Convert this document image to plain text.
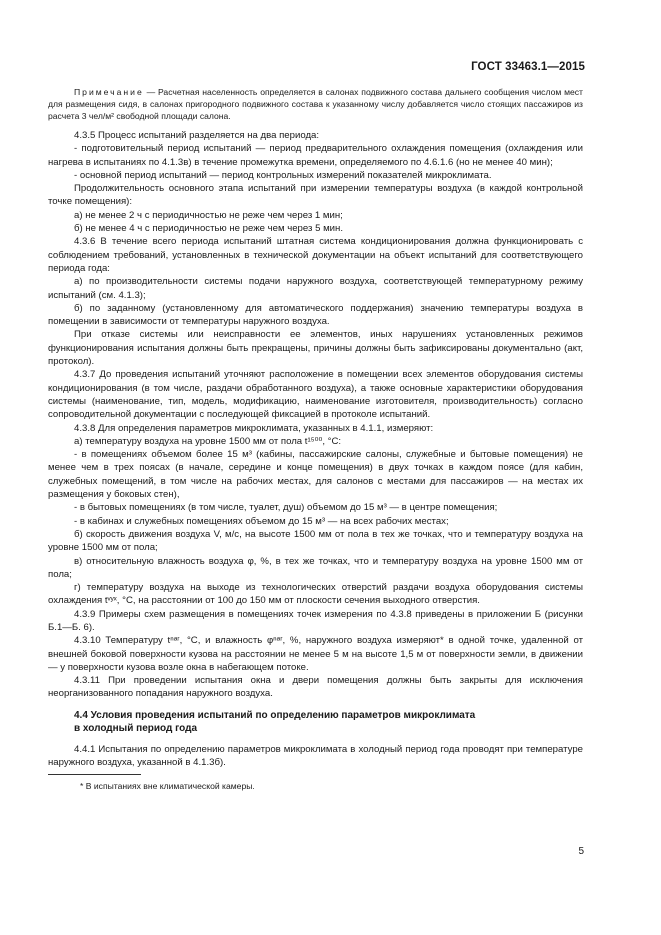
ГОСТ 33463.1—2015

Примечание — Расчетная населенность определяется в салонах подвижного состава дальнего сообщения числом мест для размещения сидя, в салонах пригородного подвижного состава к указанному числу добавляется число стоящих пассажиров из расчета 3 чел/м² свободной площади салона.

4.3.5 Процесс испытаний разделяется на два периода:

- подготовительный период испытаний — период предварительного охлаждения помещения (охлаждения или нагрева в испытаниях по 4.1.3в) в течение промежутка времени, определяемого по 4.6.1.6 (но не менее 40 мин);

- основной период испытаний — период контрольных измерений показателей микроклимата.

Продолжительность основного этапа испытаний при измерении температуры воздуха (в каждой контрольной точке помещения):

а) не менее 2 ч с периодичностью не реже чем через 1 мин;

б) не менее 4 ч с периодичностью не реже чем через 5 мин.

4.3.6 В течение всего периода испытаний штатная система кондиционирования должна функционировать с соблюдением требований, установленных в технической документации на объект испытаний для соответствующего периода года:

а) по производительности системы подачи наружного воздуха, соответствующей температурному режиму испытаний (см. 4.1.3);

б) по заданному (установленному для автоматического поддержания) значению температуры воздуха в помещении в зависимости от температуры наружного воздуха.

При отказе системы или неисправности ее элементов, иных нарушениях установленных режимов функционирования испытания должны быть прекращены, причины должны быть зафиксированы документально (акт, протокол).

4.3.7 До проведения испытаний уточняют расположение в помещении всех элементов оборудования системы кондиционирования (в том числе, раздачи обработанного воздуха), а также основные характеристики оборудования системы (наименование, тип, модель, модификацию, наименование изготовителя, производительность) согласно сопроводительной документации с последующей фиксацией в протоколе испытаний.

4.3.8 Для определения параметров микроклимата, указанных в 4.1.1, измеряют:

а) температуру воздуха на уровне 1500 мм от пола t¹⁵⁰⁰, °С:

- в помещениях объемом более 15 м³ (кабины, пассажирские салоны, служебные и бытовые помещения) не менее чем в трех поясах (в начале, середине и конце помещения) в двух точках в каждом поясе (для кабин, служебных помещений, в том числе на рабочих местах, для салонов с местами для пассажиров — на местах их размещения у боковых стен),

- в бытовых помещениях (в том числе, туалет, душ) объемом до 15 м³ — в центре помещения;

- в кабинах и служебных помещениях объемом до 15 м³ — на всех рабочих местах;

б) скорость движения воздуха V, м/с, на высоте 1500 мм от пола в тех же точках, что и температуру воздуха на уровне 1500 мм от пола;

в) относительную влажность воздуха φ, %, в тех же точках, что и температуру воздуха на уровне 1500 мм от пола;

г) температуру воздуха на выходе из технологических отверстий раздачи воздуха оборудования системы охлаждения tᵛʸˣ, °С, на расстоянии от 100 до 150 мм от плоскости сечения выходного отверстия.

4.3.9 Примеры схем размещения в помещениях точек измерения по 4.3.8 приведены в приложении Б (рисунки Б.1—Б. 6).

4.3.10 Температуру tⁿᵃʳ, °С, и влажность φⁿᵃʳ, %, наружного воздуха измеряют* в одной точке, удаленной от внешней боковой поверхности кузова на расстоянии не менее 5 м на высоте 1,5 м от поверхности земли, в движении — у поверхности кузова возле окна в набегающем потоке.

4.3.11 При проведении испытания окна и двери помещения должны быть закрыты для исключения неорганизованного попадания наружного воздуха.

4.4 Условия проведения испытаний по определению параметров микроклимата
в холодный период года

4.4.1 Испытания по определению параметров микроклимата в холодный период года проводят при температуре наружного воздуха, указанной в 4.1.3б).

* В испытаниях вне климатической камеры.
5
